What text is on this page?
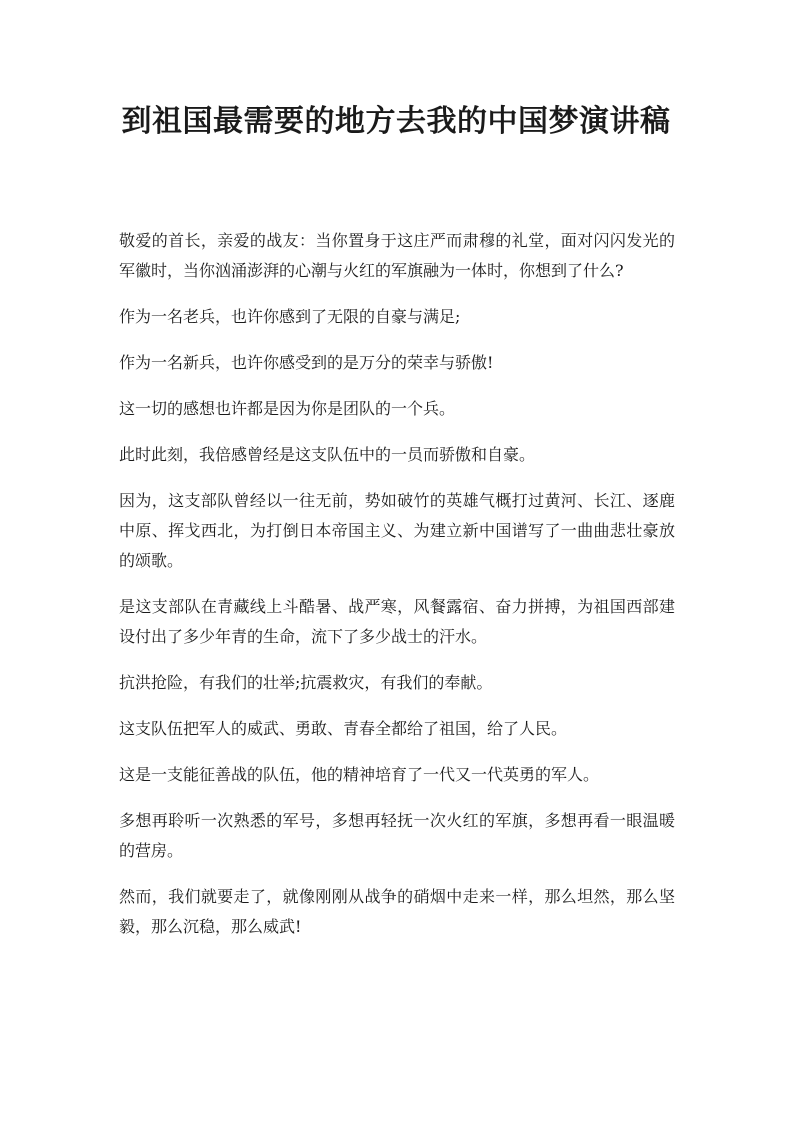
到祖国最需要的地方去我的中国梦演讲稿

敬爱的首长，亲爱的战友：当你置身于这庄严而肃穆的礼堂，面对闪闪发光的军徽时，当你汹涌澎湃的心潮与火红的军旗融为一体时，你想到了什么?

作为一名老兵，也许你感到了无限的自豪与满足;

作为一名新兵，也许你感受到的是万分的荣幸与骄傲!

这一切的感想也许都是因为你是团队的一个兵。

此时此刻，我倍感曾经是这支队伍中的一员而骄傲和自豪。

因为，这支部队曾经以一往无前，势如破竹的英雄气概打过黄河、长江、逐鹿中原、挥戈西北，为打倒日本帝国主义、为建立新中国谱写了一曲曲悲壮豪放的颂歌。

是这支部队在青藏线上斗酷暑、战严寒，风餐露宿、奋力拼搏，为祖国西部建设付出了多少年青的生命，流下了多少战士的汗水。

抗洪抢险，有我们的壮举;抗震救灾，有我们的奉献。

这支队伍把军人的威武、勇敢、青春全都给了祖国，给了人民。

这是一支能征善战的队伍，他的精神培育了一代又一代英勇的军人。

多想再聆听一次熟悉的军号，多想再轻抚一次火红的军旗，多想再看一眼温暖的营房。

然而，我们就要走了，就像刚刚从战争的硝烟中走来一样，那么坦然，那么坚毅，那么沉稳，那么威武!
